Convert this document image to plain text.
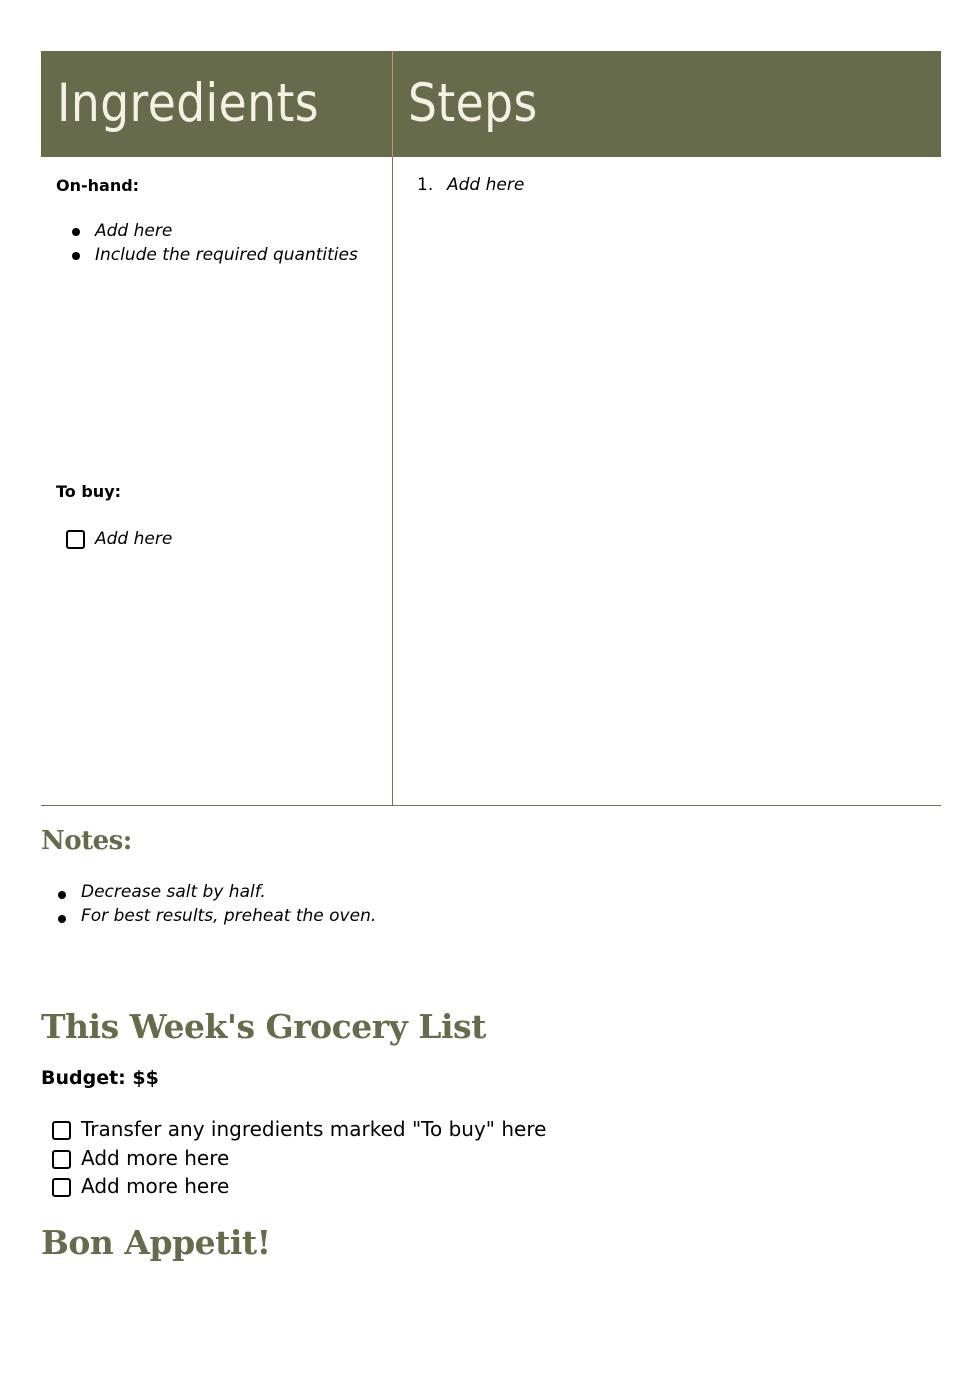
Ingredients Steps
On-hand:
Add here
Include the required quantities
To buy:
Add here
1. Add here
Notes:
Decrease salt by half.
For best results, preheat the oven.
This Week's Grocery List
Budget: $$
Transfer any ingredients marked "To buy" here
Add more here
Add more here
Bon Appetit!
